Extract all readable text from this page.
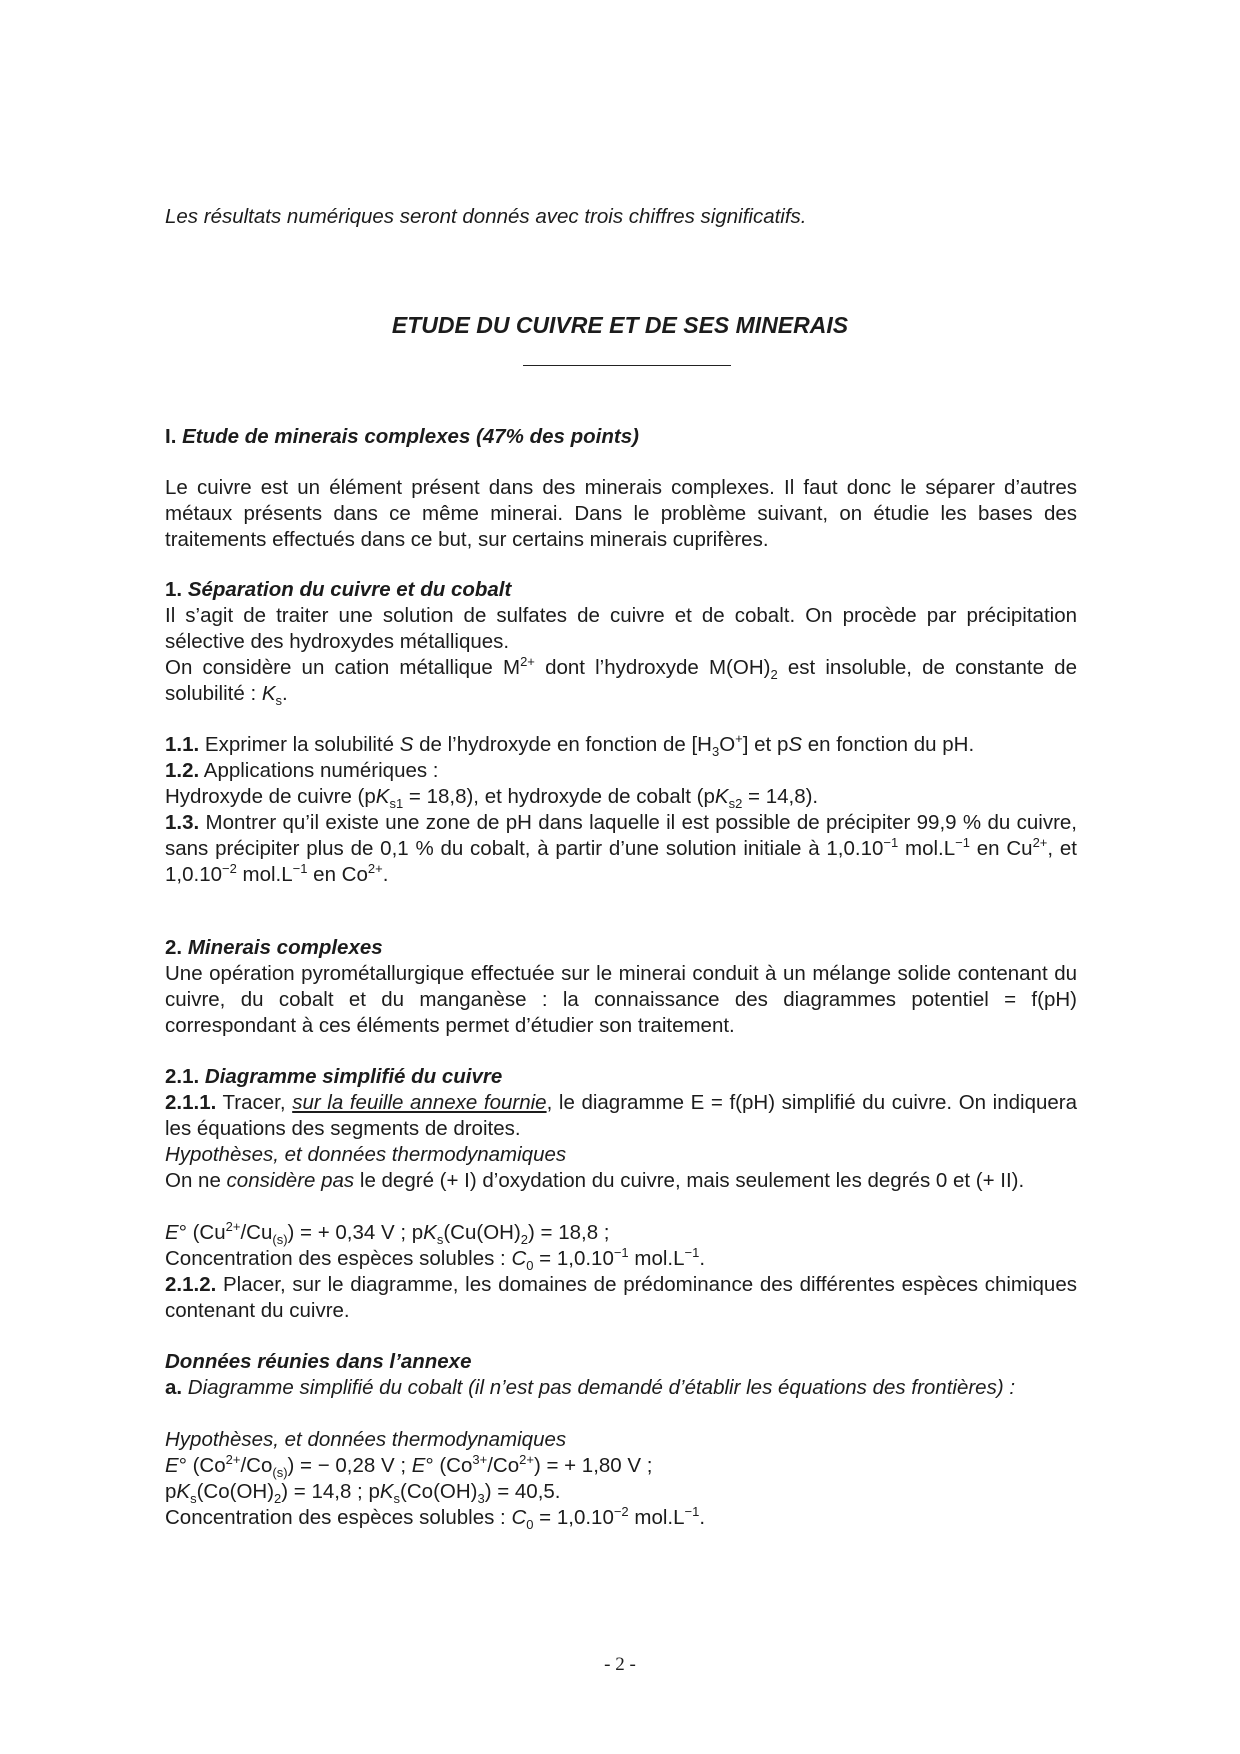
Les résultats numériques seront donnés avec trois chiffres significatifs.

ETUDE DU CUIVRE ET DE SES MINERAIS

I. Etude de minerais complexes (47% des points)

Le cuivre est un élément présent dans des minerais complexes. Il faut donc le séparer d’autres métaux présents dans ce même minerai. Dans le problème suivant, on étudie les bases des traitements effectués dans ce but, sur certains minerais cuprifères.

1. Séparation du cuivre et du cobalt

Il s’agit de traiter une solution de sulfates de cuivre et de cobalt. On procède par précipitation sélective des hydroxydes métalliques.

On considère un cation métallique $M^{2+}$ dont l’hydroxyde $M(OH)_2$ est insoluble, de constante de solubilité : $K_s$.

1.1. Exprimer la solubilité S de l’hydroxyde en fonction de $[H_3O^+]$ et pS en fonction du pH.

1.2. Applications numériques :

Hydroxyde de cuivre $(pK_{s1} = 18,8)$, et hydroxyde de cobalt $(pK_{s2} = 14,8)$.

1.3. Montrer qu’il existe une zone de pH dans laquelle il est possible de précipiter 99,9 % du cuivre, sans précipiter plus de 0,1 % du cobalt, à partir d’une solution initiale à $1,0.10^{-1}$ $mol.L^{-1}$ en $Cu^{2+}$, et $1,0.10^{-2}$ $mol.L^{-1}$ en $Co^{2+}$.

2. Minerais complexes

Une opération pyrométallurgique effectuée sur le minerai conduit à un mélange solide contenant du cuivre, du cobalt et du manganèse : la connaissance des diagrammes potentiel = f(pH) correspondant à ces éléments permet d’étudier son traitement.

2.1. Diagramme simplifié du cuivre

2.1.1. Tracer, sur la feuille annexe fournie, le diagramme E = f(pH) simplifié du cuivre. On indiquera les équations des segments de droites.

Hypothèses, et données thermodynamiques

On ne considère pas le degré (+ I) d’oxydation du cuivre, mais seulement les degrés 0 et (+ II).

E° $(Cu^{2+}/Cu_{(s)})$ = + 0,34 V ; $pK_s(Cu(OH)_2) = 18,8$ ;

Concentration des espèces solubles : $C_0 = 1,0.10^{-1}$ $mol.L^{-1}$.

2.1.2. Placer, sur le diagramme, les domaines de prédominance des différentes espèces chimiques contenant du cuivre.

Données réunies dans l’annexe

a. Diagramme simplifié du cobalt (il n’est pas demandé d’établir les équations des frontières) :

Hypothèses, et données thermodynamiques

E° $(Co^{2+}/Co_{(s)})$ = − 0,28 V ; E° $(Co^{3+}/Co^{2+})$ = + 1,80 V ;

$pK_s(Co(OH)_2) = 14,8$ ; $pK_s(Co(OH)_3) = 40,5$.

Concentration des espèces solubles : $C_0 = 1,0.10^{-2}$ $mol.L^{-1}$.

- 2 -
